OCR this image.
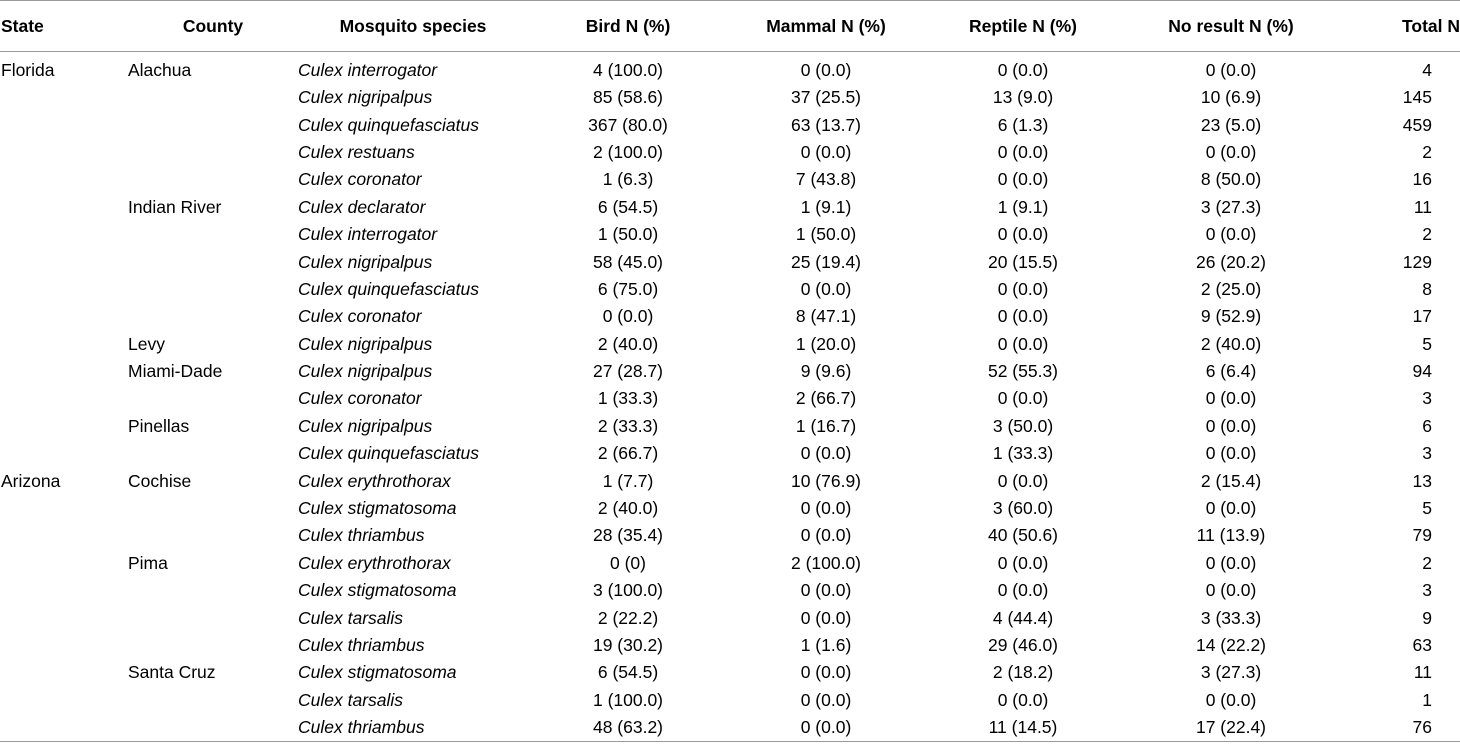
State	County	Mosquito species	Bird N (%)	Mammal N (%)	Reptile N (%)	No result N (%)	Total N
Florida	Alachua	Culex interrogator	4 (100.0)	0 (0.0)	0 (0.0)	0 (0.0)	4
		Culex nigripalpus	85 (58.6)	37 (25.5)	13 (9.0)	10 (6.9)	145
		Culex quinquefasciatus	367 (80.0)	63 (13.7)	6 (1.3)	23 (5.0)	459
		Culex restuans	2 (100.0)	0 (0.0)	0 (0.0)	0 (0.0)	2
		Culex coronator	1 (6.3)	7 (43.8)	0 (0.0)	8 (50.0)	16
	Indian River	Culex declarator	6 (54.5)	1 (9.1)	1 (9.1)	3 (27.3)	11
		Culex interrogator	1 (50.0)	1 (50.0)	0 (0.0)	0 (0.0)	2
		Culex nigripalpus	58 (45.0)	25 (19.4)	20 (15.5)	26 (20.2)	129
		Culex quinquefasciatus	6 (75.0)	0 (0.0)	0 (0.0)	2 (25.0)	8
		Culex coronator	0 (0.0)	8 (47.1)	0 (0.0)	9 (52.9)	17
	Levy	Culex nigripalpus	2 (40.0)	1 (20.0)	0 (0.0)	2 (40.0)	5
	Miami-Dade	Culex nigripalpus	27 (28.7)	9 (9.6)	52 (55.3)	6 (6.4)	94
		Culex coronator	1 (33.3)	2 (66.7)	0 (0.0)	0 (0.0)	3
	Pinellas	Culex nigripalpus	2 (33.3)	1 (16.7)	3 (50.0)	0 (0.0)	6
		Culex quinquefasciatus	2 (66.7)	0 (0.0)	1 (33.3)	0 (0.0)	3
Arizona	Cochise	Culex erythrothorax	1 (7.7)	10 (76.9)	0 (0.0)	2 (15.4)	13
		Culex stigmatosoma	2 (40.0)	0 (0.0)	3 (60.0)	0 (0.0)	5
		Culex thriambus	28 (35.4)	0 (0.0)	40 (50.6)	11 (13.9)	79
	Pima	Culex erythrothorax	0 (0)	2 (100.0)	0 (0.0)	0 (0.0)	2
		Culex stigmatosoma	3 (100.0)	0 (0.0)	0 (0.0)	0 (0.0)	3
		Culex tarsalis	2 (22.2)	0 (0.0)	4 (44.4)	3 (33.3)	9
		Culex thriambus	19 (30.2)	1 (1.6)	29 (46.0)	14 (22.2)	63
	Santa Cruz	Culex stigmatosoma	6 (54.5)	0 (0.0)	2 (18.2)	3 (27.3)	11
		Culex tarsalis	1 (100.0)	0 (0.0)	0 (0.0)	0 (0.0)	1
		Culex thriambus	48 (63.2)	0 (0.0)	11 (14.5)	17 (22.4)	76
